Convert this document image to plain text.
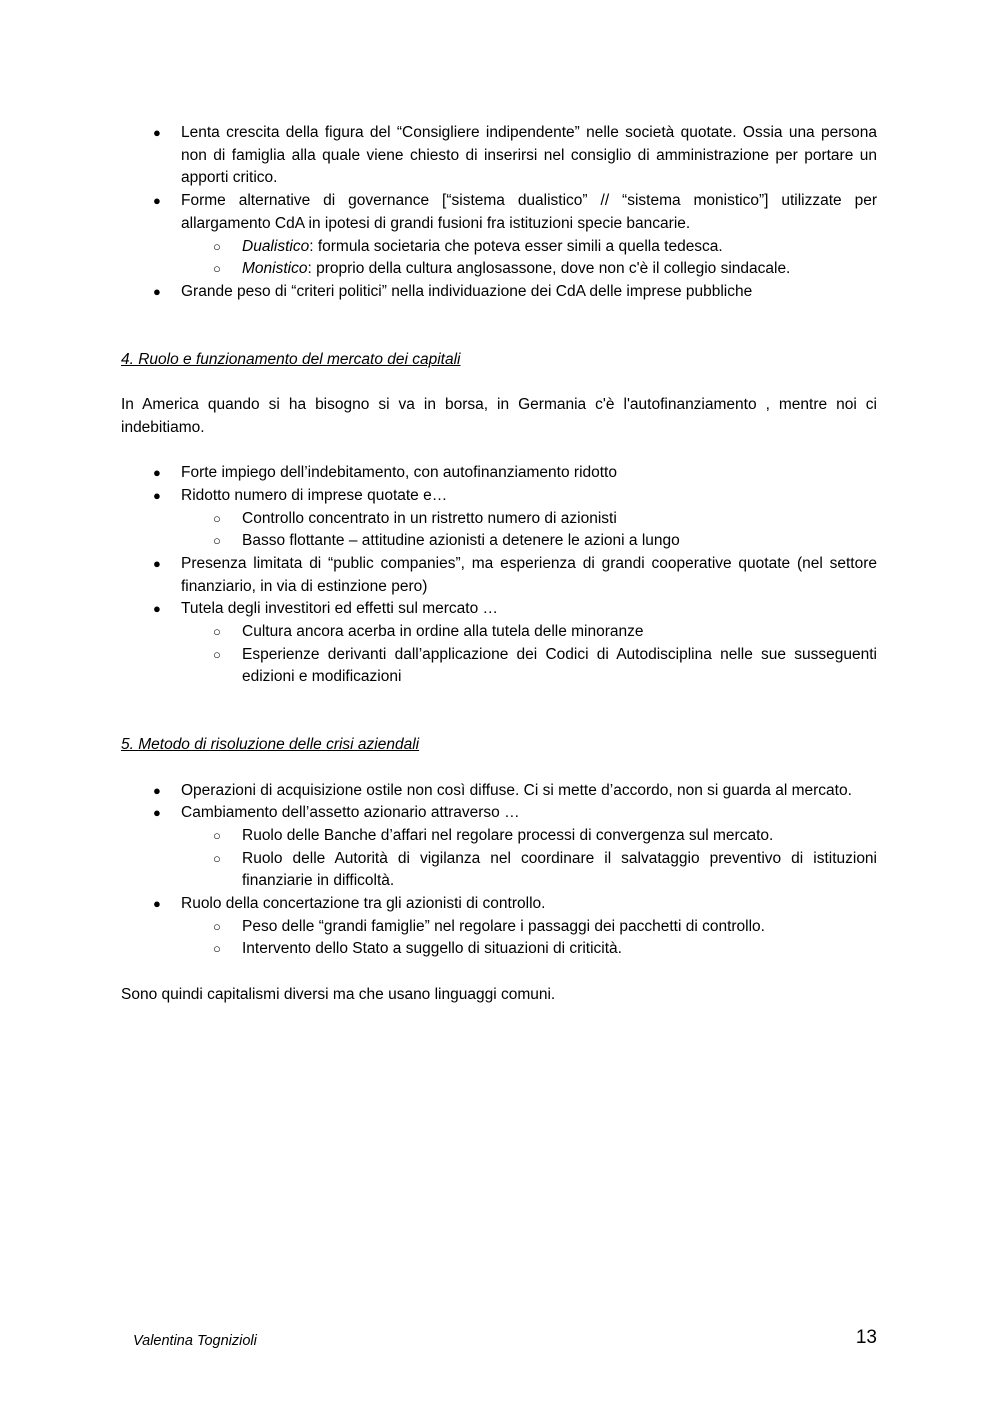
● Lenta crescita della figura del “Consigliere indipendente” nelle società quotate. Ossia una persona non di famiglia alla quale viene chiesto di inserirsi nel consiglio di amministrazione per portare un apporti critico.
● Forme alternative di governance [“sistema dualistico” // “sistema monistico”] utilizzate per allargamento CdA in ipotesi di grandi fusioni fra istituzioni specie bancarie.
○ Dualistico: formula societaria che poteva esser simili a quella tedesca.
○ Monistico: proprio della cultura anglosassone, dove non c'è il collegio sindacale.
● Grande peso di “criteri politici” nella individuazione dei CdA delle imprese pubbliche
4. Ruolo e funzionamento del mercato dei capitali

In America quando si ha bisogno si va in borsa, in Germania c'è l'autofinanziamento , mentre noi ci indebitiamo.

● Forte impiego dell’indebitamento, con autofinanziamento ridotto
● Ridotto numero di imprese quotate e…
○ Controllo concentrato in un ristretto numero di azionisti
○ Basso flottante – attitudine azionisti a detenere le azioni a lungo
● Presenza limitata di “public companies”, ma esperienza di grandi cooperative quotate (nel settore finanziario, in via di estinzione pero)
● Tutela degli investitori ed effetti sul mercato …
○ Cultura ancora acerba in ordine alla tutela delle minoranze
○ Esperienze derivanti dall’applicazione dei Codici di Autodisciplina nelle sue susseguenti edizioni e modificazioni
5. Metodo di risoluzione delle crisi aziendali
● Operazioni di acquisizione ostile non così diffuse. Ci si mette d’accordo, non si guarda al mercato.
● Cambiamento dell’assetto azionario attraverso …
○ Ruolo delle Banche d’affari nel regolare processi di convergenza sul mercato.
○ Ruolo delle Autorità di vigilanza nel coordinare il salvataggio preventivo di istituzioni finanziarie in difficoltà.
● Ruolo della concertazione tra gli azionisti di controllo.
○ Peso delle “grandi famiglie” nel regolare i passaggi dei pacchetti di controllo.
○ Intervento dello Stato a suggello di situazioni di criticità.

Sono quindi capitalismi diversi ma che usano linguaggi comuni.

Valentina Tognizioli	13
